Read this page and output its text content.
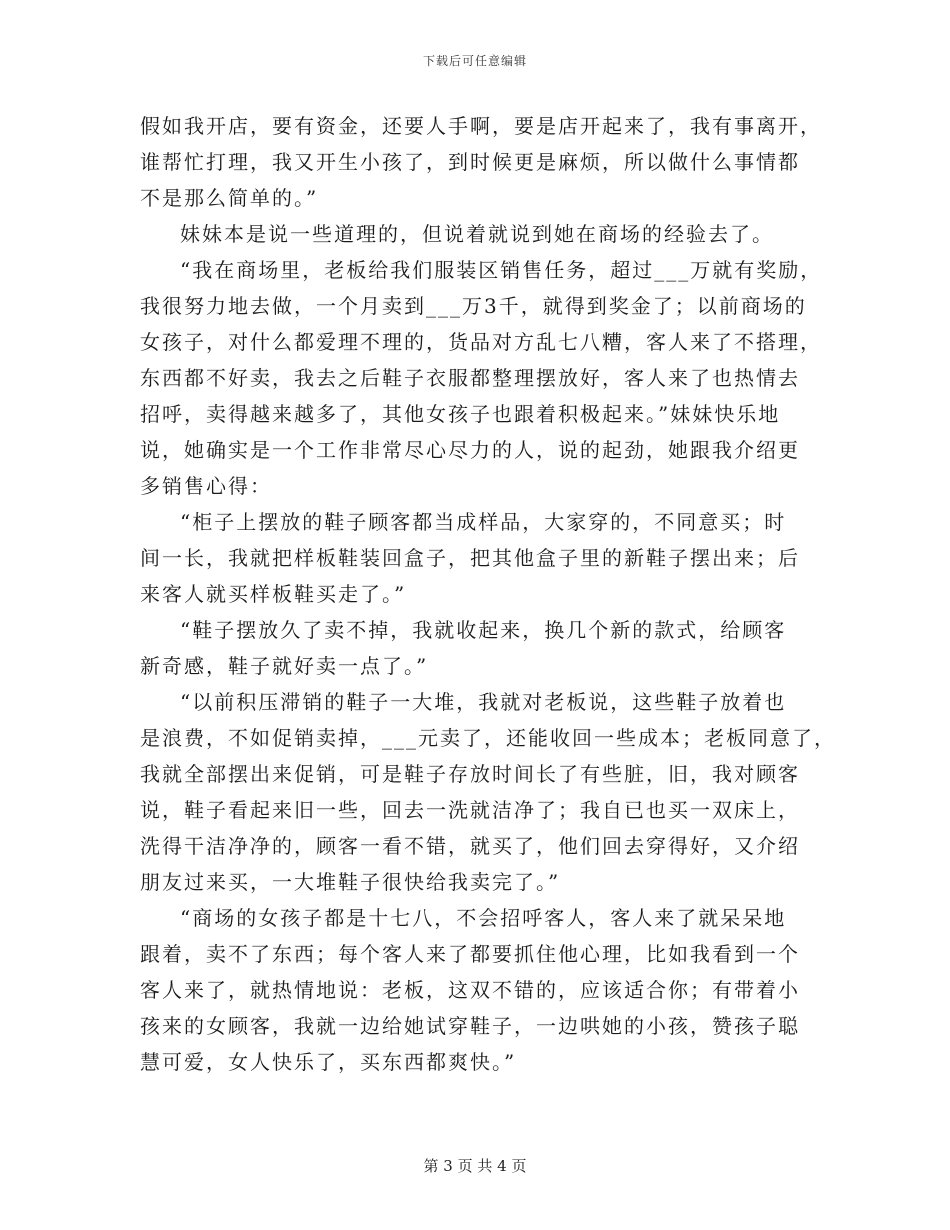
下载后可任意编辑
假如我开店，要有资金，还要人手啊，要是店开起来了，我有事离开，
谁帮忙打理，我又开生小孩了，到时候更是麻烦，所以做什么事情都
不是那么简单的。”
妹妹本是说一些道理的，但说着就说到她在商场的经验去了。
“我在商场里，老板给我们服装区销售任务，超过___万就有奖励，
我很努力地去做，一个月卖到___万3千，就得到奖金了；以前商场的
女孩子，对什么都爱理不理的，货品对方乱七八糟，客人来了不搭理，
东西都不好卖，我去之后鞋子衣服都整理摆放好，客人来了也热情去
招呼，卖得越来越多了，其他女孩子也跟着积极起来。”妹妹快乐地
说，她确实是一个工作非常尽心尽力的人，说的起劲，她跟我介绍更
多销售心得：
“柜子上摆放的鞋子顾客都当成样品，大家穿的，不同意买；时
间一长，我就把样板鞋装回盒子，把其他盒子里的新鞋子摆出来；后
来客人就买样板鞋买走了。”
“鞋子摆放久了卖不掉，我就收起来，换几个新的款式，给顾客
新奇感，鞋子就好卖一点了。”
“以前积压滞销的鞋子一大堆，我就对老板说，这些鞋子放着也
是浪费，不如促销卖掉，___元卖了，还能收回一些成本；老板同意了，
我就全部摆出来促销，可是鞋子存放时间长了有些脏，旧，我对顾客
说，鞋子看起来旧一些，回去一洗就洁净了；我自已也买一双床上，
洗得干洁净净的，顾客一看不错，就买了，他们回去穿得好，又介绍
朋友过来买，一大堆鞋子很快给我卖完了。”
“商场的女孩子都是十七八，不会招呼客人，客人来了就呆呆地
跟着，卖不了东西；每个客人来了都要抓住他心理，比如我看到一个
客人来了，就热情地说：老板，这双不错的，应该适合你；有带着小
孩来的女顾客，我就一边给她试穿鞋子，一边哄她的小孩，赞孩子聪
慧可爱，女人快乐了，买东西都爽快。”
第 3 页 共 4 页
